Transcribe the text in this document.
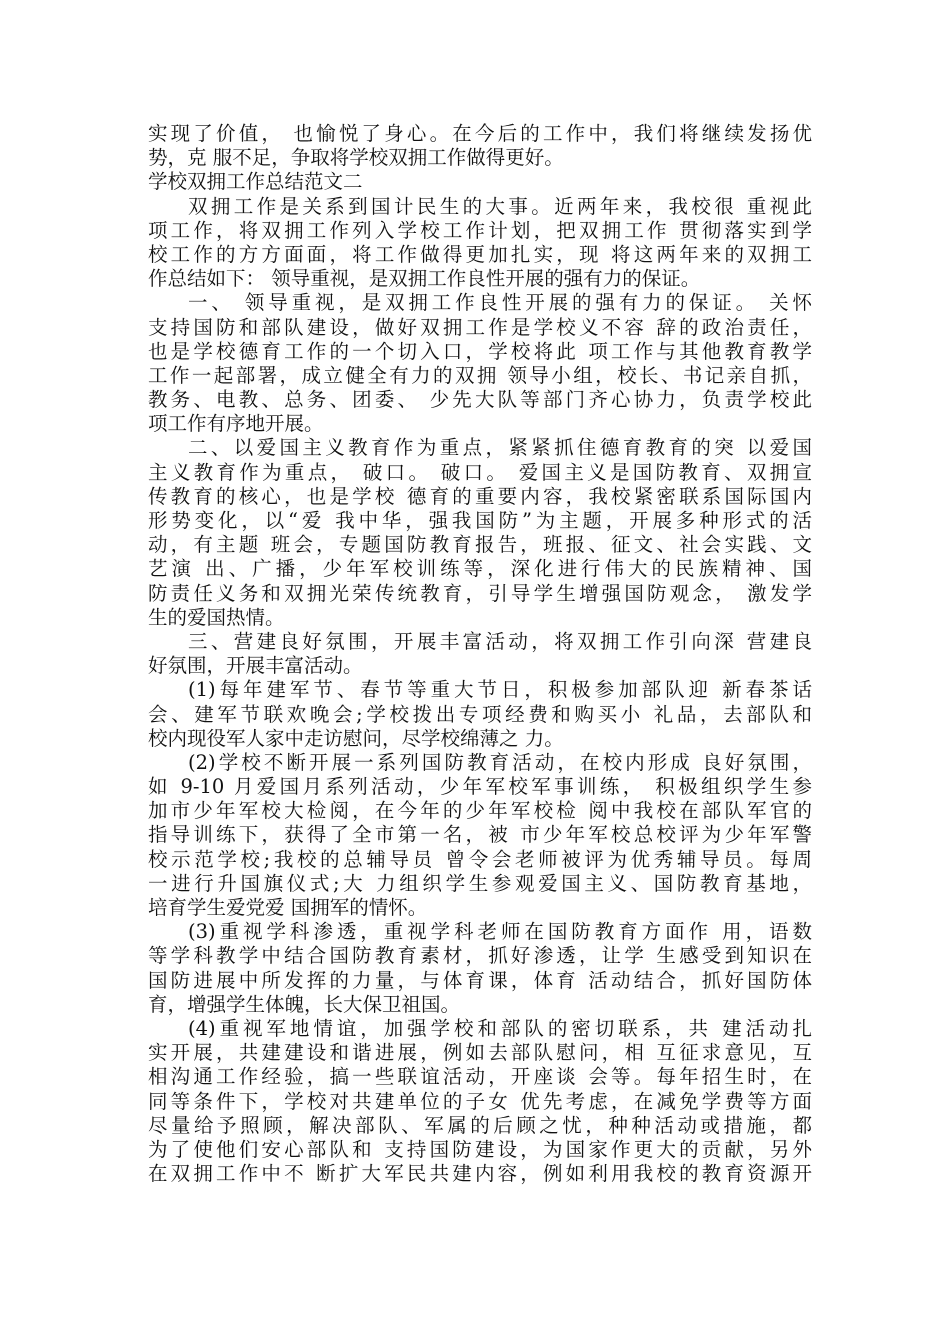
实现了价值， 也愉悦了身心。在今后的工作中，我们将继续发扬优
势，克 服不足，争取将学校双拥工作做得更好。
学校双拥工作总结范文二
双拥工作是关系到国计民生的大事。近两年来，我校很 重视此
项工作，将双拥工作列入学校工作计划，把双拥工作 贯彻落实到学
校工作的方方面面，将工作做得更加扎实，现 将这两年来的双拥工
作总结如下： 领导重视，是双拥工作良性开展的强有力的保证。
一、 领导重视，是双拥工作良性开展的强有力的保证。 关怀
支持国防和部队建设，做好双拥工作是学校义不容 辞的政治责任，
也是学校德育工作的一个切入口，学校将此 项工作与其他教育教学
工作一起部署，成立健全有力的双拥 领导小组，校长、书记亲自抓，
教务、电教、总务、团委、 少先大队等部门齐心协力，负责学校此
项工作有序地开展。
二、以爱国主义教育作为重点，紧紧抓住德育教育的突 以爱国
主义教育作为重点， 破口。 破口。 爱国主义是国防教育、双拥宣
传教育的核心，也是学校 德育的重要内容，我校紧密联系国际国内
形势变化，以“爱 我中华，强我国防”为主题，开展多种形式的活
动，有主题 班会，专题国防教育报告，班报、征文、社会实践、文
艺演 出、广播，少年军校训练等，深化进行伟大的民族精神、国
防责任义务和双拥光荣传统教育，引导学生增强国防观念， 激发学
生的爱国热情。
三、营建良好氛围，开展丰富活动，将双拥工作引向深 营建良
好氛围，开展丰富活动。
(1)每年建军节、春节等重大节日，积极参加部队迎 新春茶话
会、建军节联欢晚会;学校拨出专项经费和购买小 礼品，去部队和
校内现役军人家中走访慰问，尽学校绵薄之 力。
(2)学校不断开展一系列国防教育活动，在校内形成 良好氛围，
如 9-10 月爱国月系列活动，少年军校军事训练， 积极组织学生参
加市少年军校大检阅，在今年的少年军校检 阅中我校在部队军官的
指导训练下，获得了全市第一名，被 市少年军校总校评为少年军警
校示范学校;我校的总辅导员 曾令会老师被评为优秀辅导员。每周
一进行升国旗仪式;大 力组织学生参观爱国主义、国防教育基地，
培育学生爱党爱 国拥军的情怀。
(3)重视学科渗透，重视学科老师在国防教育方面作 用，语数
等学科教学中结合国防教育素材，抓好渗透，让学 生感受到知识在
国防进展中所发挥的力量，与体育课，体育 活动结合，抓好国防体
育，增强学生体魄，长大保卫祖国。
(4)重视军地情谊，加强学校和部队的密切联系，共 建活动扎
实开展，共建建设和谐进展，例如去部队慰问，相 互征求意见，互
相沟通工作经验，搞一些联谊活动，开座谈 会等。每年招生时，在
同等条件下，学校对共建单位的子女 优先考虑，在减免学费等方面
尽量给予照顾，解决部队、军属的后顾之忧，种种活动或措施，都
为了使他们安心部队和 支持国防建设，为国家作更大的贡献，另外
在双拥工作中不 断扩大军民共建内容，例如利用我校的教育资源开
